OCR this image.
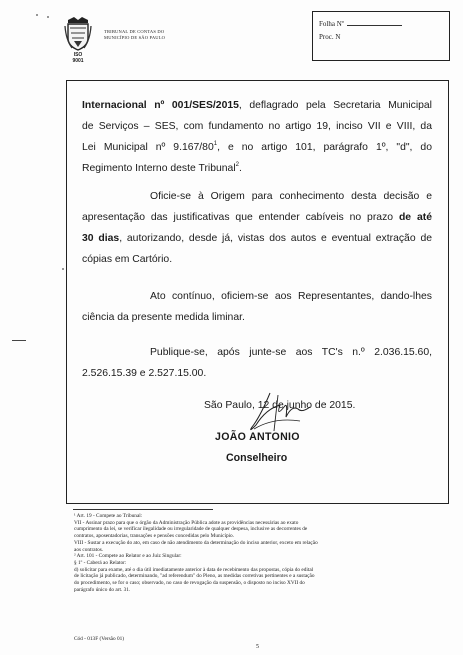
ISO
9001
TRIBUNAL DE CONTAS DO
MUNICÍPIO DE SÃO PAULO
Folha Nº
Proc. N
Internacional nº 001/SES/2015, deflagrado pela Secretaria Municipal
de Serviços – SES, com fundamento no artigo 19, inciso VII e VIII, da
Lei Municipal nº $9.167/80^1$, e no artigo 101, parágrafo 1º, "d", do
Regimento Interno deste Tribunal$^2$.
Oficie-se à Origem para conhecimento desta decisão e
apresentação das justificativas que entender cabíveis no prazo de até
30 dias, autorizando, desde já, vistas dos autos e eventual extração de
cópias em Cartório.
Ato contínuo, oficiem-se aos Representantes, dando-lhes
ciência da presente medida liminar.
Publique-se, após junte-se aos TC's n.º 2.036.15.60,
2.526.15.39 e 2.527.15.00.
São Paulo, 12 de junho de 2015.
JOÃO ANTONIO
Conselheiro
¹ Art. 19 - Compete ao Tribunal:
VII - Assinar prazo para que o órgão da Administração Pública adote as providências necessárias ao exato
cumprimento da lei, se verificar ilegalidade ou irregularidade de qualquer despesa, inclusive as decorrentes de
contratos, aposentadorias, transações e pensões concedidas pelo Município.
VIII - Sustar a execução do ato, em caso de não atendimento da determinação do inciso anterior, exceto em relação
aos contratos.
² Art. 101 - Compete ao Relator e ao Juiz Singular:
§ 1º - Caberá ao Relator:
d) solicitar para exame, até o dia útil imediatamente anterior à data de recebimento das propostas, cópia do edital
de licitação já publicado, determinando, "ad referendum" do Pleno, as medidas corretivas pertinentes e a sustação
do procedimento, se for o caso; observado, no caso de revogação da suspensão, o disposto no inciso XVII do
parágrafo único do art. 31.
Cód - 013F (Versão 01)
5
